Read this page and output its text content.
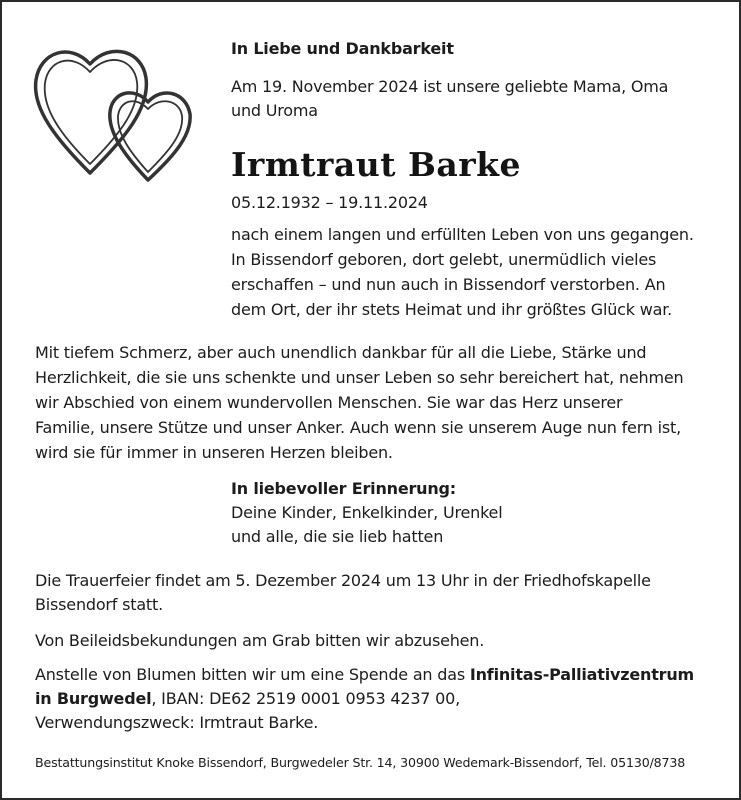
In Liebe und Dankbarkeit

Am 19. November 2024 ist unsere geliebte Mama, Oma

und Uroma

Irmtraut Barke

05.12.1932 – 19.11.2024

nach einem langen und erfüllten Leben von uns gegangen.

In Bissendorf geboren, dort gelebt, unermüdlich vieles

erschaffen – und nun auch in Bissendorf verstorben. An

dem Ort, der ihr stets Heimat und ihr größtes Glück war.

Mit tiefem Schmerz, aber auch unendlich dankbar für all die Liebe, Stärke und

Herzlichkeit, die sie uns schenkte und unser Leben so sehr bereichert hat, nehmen

wir Abschied von einem wundervollen Menschen. Sie war das Herz unserer

Familie, unsere Stütze und unser Anker. Auch wenn sie unserem Auge nun fern ist,

wird sie für immer in unseren Herzen bleiben.

In liebevoller Erinnerung:

Deine Kinder, Enkelkinder, Urenkel

und alle, die sie lieb hatten

Die Trauerfeier findet am 5. Dezember 2024 um 13 Uhr in der Friedhofskapelle

Bissendorf statt.

Von Beileidsbekundungen am Grab bitten wir abzusehen.

Anstelle von Blumen bitten wir um eine Spende an das Infinitas-Palliativzentrum

in Burgwedel, IBAN: DE62 2519 0001 0953 4237 00,

Verwendungszweck: Irmtraut Barke.

Bestattungsinstitut Knoke Bissendorf, Burgwedeler Str. 14, 30900 Wedemark-Bissendorf, Tel. 05130/8738
